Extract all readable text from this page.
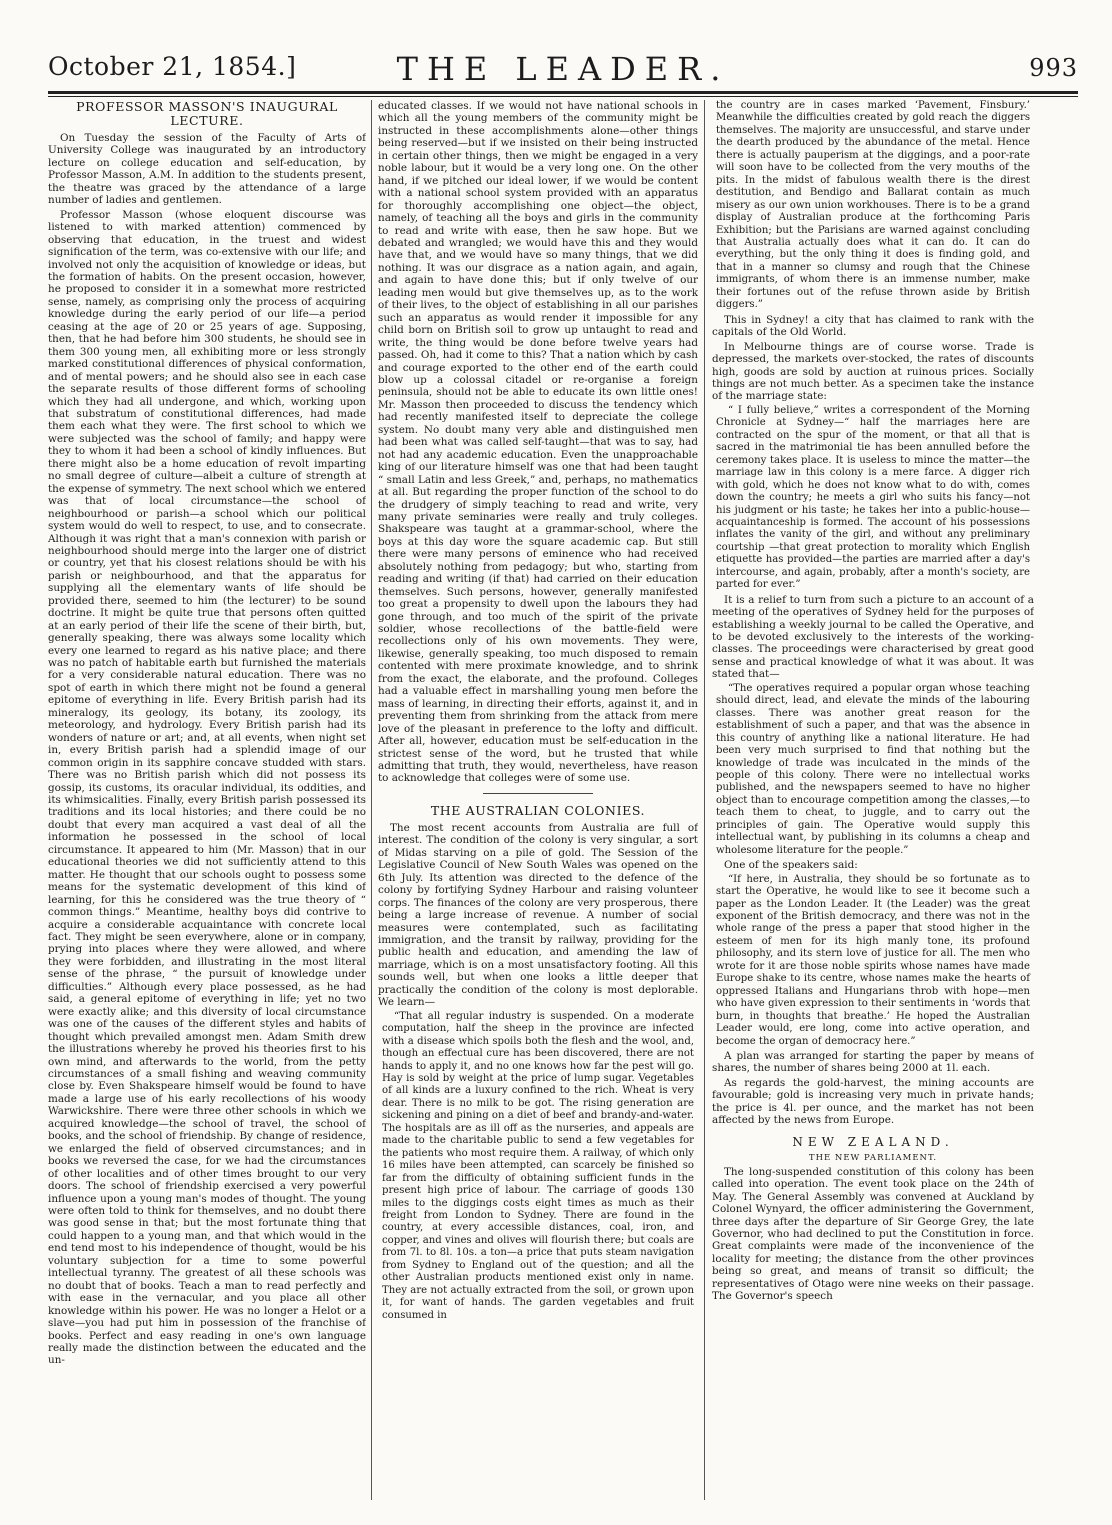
October 21, 1854.]	THE LEADER.	993
PROFESSOR MASSON'S INAUGURAL LECTURE.

On Tuesday the session of the Faculty of Arts of University College was inaugurated by an introductory lecture on college education and self-education, by Professor Masson, A.M. In addition to the students present, the theatre was graced by the attendance of a large number of ladies and gentlemen.

Professor Masson (whose eloquent discourse was listened to with marked attention) commenced by observing that education, in the truest and widest signification of the term, was co-extensive with our life; and involved not only the acquisition of knowledge or ideas, but the formation of habits. On the present occasion, however, he proposed to consider it in a somewhat more restricted sense, namely, as comprising only the process of acquiring knowledge during the early period of our life—a period ceasing at the age of 20 or 25 years of age. Supposing, then, that he had before him 300 students, he should see in them 300 young men, all exhibiting more or less strongly marked constitutional differences of physical conformation, and of mental powers; and he should also see in each case the separate results of those different forms of schooling which they had all undergone, and which, working upon that substratum of constitutional differences, had made them each what they were. The first school to which we were subjected was the school of family; and happy were they to whom it had been a school of kindly influences. But there might also be a home education of revolt imparting no small degree of culture—albeit a culture of strength at the expense of symmetry. The next school which we entered was that of local circumstance—the school of neighbourhood or parish—a school which our political system would do well to respect, to use, and to consecrate. Although it was right that a man's connexion with parish or neighbourhood should merge into the larger one of district or country, yet that his closest relations should be with his parish or neighbourhood, and that the apparatus for supplying all the elementary wants of life should be provided there, seemed to him (the lecturer) to be sound doctrine. It might be quite true that persons often quitted at an early period of their life the scene of their birth, but, generally speaking, there was always some locality which every one learned to regard as his native place; and there was no patch of habitable earth but furnished the materials for a very considerable natural education. There was no spot of earth in which there might not be found a general epitome of everything in life. Every British parish had its mineralogy, its geology, its botany, its zoology, its meteorology, and hydrology. Every British parish had its wonders of nature or art; and, at all events, when night set in, every British parish had a splendid image of our common origin in its sapphire concave studded with stars. There was no British parish which did not possess its gossip, its customs, its oracular individual, its oddities, and its whimsicalities. Finally, every British parish possessed its traditions and its local histories; and there could be no doubt that every man acquired a vast deal of all the information he possessed in the school of local circumstance. It appeared to him (Mr. Masson) that in our educational theories we did not sufficiently attend to this matter. He thought that our schools ought to possess some means for the systematic development of this kind of learning, for this he considered was the true theory of “ common things.” Meantime, healthy boys did contrive to acquire a considerable acquaintance with concrete local fact. They might be seen everywhere, alone or in company, prying into places where they were allowed, and where they were forbidden, and illustrating in the most literal sense of the phrase, “ the pursuit of knowledge under difficulties.” Although every place possessed, as he had said, a general epitome of everything in life; yet no two were exactly alike; and this diversity of local circumstance was one of the causes of the different styles and habits of thought which prevailed amongst men. Adam Smith drew the illustrations whereby he proved his theories first to his own mind, and afterwards to the world, from the petty circumstances of a small fishing and weaving community close by. Even Shakspeare himself would be found to have made a large use of his early recollections of his woody Warwickshire. There were three other schools in which we acquired knowledge—the school of travel, the school of books, and the school of friendship. By change of residence, we enlarged the field of observed circumstances; and in books we reversed the case, for we had the circumstances of other localities and of other times brought to our very doors. The school of friendship exercised a very powerful influence upon a young man's modes of thought. The young were often told to think for themselves, and no doubt there was good sense in that; but the most fortunate thing that could happen to a young man, and that which would in the end tend most to his independence of thought, would be his voluntary subjection for a time to some powerful intellectual tyranny. The greatest of all these schools was no doubt that of books. Teach a man to read perfectly and with ease in the vernacular, and you place all other knowledge within his power. He was no longer a Helot or a slave—you had put him in possession of the franchise of books. Perfect and easy reading in one's own language really made the distinction between the educated and the un-

educated classes. If we would not have national schools in which all the young members of the community might be instructed in these accomplishments alone—other things being reserved—but if we insisted on their being instructed in certain other things, then we might be engaged in a very noble labour, but it would be a very long one. On the other hand, if we pitched our ideal lower, if we would be content with a national school system provided with an apparatus for thoroughly accomplishing one object—the object, namely, of teaching all the boys and girls in the community to read and write with ease, then he saw hope. But we debated and wrangled; we would have this and they would have that, and we would have so many things, that we did nothing. It was our disgrace as a nation again, and again, and again to have done this; but if only twelve of our leading men would but give themselves up, as to the work of their lives, to the object of establishing in all our parishes such an apparatus as would render it impossible for any child born on British soil to grow up untaught to read and write, the thing would be done before twelve years had passed. Oh, had it come to this? That a nation which by cash and courage exported to the other end of the earth could blow up a colossal citadel or re-organise a foreign peninsula, should not be able to educate its own little ones! Mr. Masson then proceeded to discuss the tendency which had recently manifested itself to depreciate the college system. No doubt many very able and distinguished men had been what was called self-taught—that was to say, had not had any academic education. Even the unapproachable king of our literature himself was one that had been taught “ small Latin and less Greek,” and, perhaps, no mathematics at all. But regarding the proper function of the school to do the drudgery of simply teaching to read and write, very many private seminaries were really and truly colleges. Shakspeare was taught at a grammar-school, where the boys at this day wore the square academic cap. But still there were many persons of eminence who had received absolutely nothing from pedagogy; but who, starting from reading and writing (if that) had carried on their education themselves. Such persons, however, generally manifested too great a propensity to dwell upon the labours they had gone through, and too much of the spirit of the private soldier, whose recollections of the battle-field were recollections only of his own movements. They were, likewise, generally speaking, too much disposed to remain contented with mere proximate knowledge, and to shrink from the exact, the elaborate, and the profound. Colleges had a valuable effect in marshalling young men before the mass of learning, in directing their efforts, against it, and in preventing them from shrinking from the attack from mere love of the pleasant in preference to the lofty and difficult. After all, however, education must be self-education in the strictest sense of the word, but he trusted that while admitting that truth, they would, nevertheless, have reason to acknowledge that colleges were of some use.

THE AUSTRALIAN COLONIES.

The most recent accounts from Australia are full of interest. The condition of the colony is very singular, a sort of Midas starving on a pile of gold. The Session of the Legislative Council of New South Wales was opened on the 6th July. Its attention was directed to the defence of the colony by fortifying Sydney Harbour and raising volunteer corps. The finances of the colony are very prosperous, there being a large increase of revenue. A number of social measures were contemplated, such as facilitating immigration, and the transit by railway, providing for the public health and education, and amending the law of marriage, which is on a most unsatisfactory footing. All this sounds well, but when one looks a little deeper that practically the condition of the colony is most deplorable. We learn—

“That all regular industry is suspended. On a moderate computation, half the sheep in the province are infected with a disease which spoils both the flesh and the wool, and, though an effectual cure has been discovered, there are not hands to apply it, and no one knows how far the pest will go. Hay is sold by weight at the price of lump sugar. Vegetables of all kinds are a luxury confined to the rich. Wheat is very dear. There is no milk to be got. The rising generation are sickening and pining on a diet of beef and brandy-and-water. The hospitals are as ill off as the nurseries, and appeals are made to the charitable public to send a few vegetables for the patients who most require them. A railway, of which only 16 miles have been attempted, can scarcely be finished so far from the difficulty of obtaining sufficient funds in the present high price of labour. The carriage of goods 130 miles to the diggings costs eight times as much as their freight from London to Sydney. There are found in the country, at every accessible distances, coal, iron, and copper, and vines and olives will flourish there; but coals are from 7l. to 8l. 10s. a ton—a price that puts steam navigation from Sydney to England out of the question; and all the other Australian products mentioned exist only in name. They are not actually extracted from the soil, or grown upon it, for want of hands. The garden vegetables and fruit consumed in

the country are in cases marked ‘Pavement, Finsbury.’ Meanwhile the difficulties created by gold reach the diggers themselves. The majority are unsuccessful, and starve under the dearth produced by the abundance of the metal. Hence there is actually pauperism at the diggings, and a poor-rate will soon have to be collected from the very mouths of the pits. In the midst of fabulous wealth there is the direst destitution, and Bendigo and Ballarat contain as much misery as our own union workhouses. There is to be a grand display of Australian produce at the forthcoming Paris Exhibition; but the Parisians are warned against concluding that Australia actually does what it can do. It can do everything, but the only thing it does is finding gold, and that in a manner so clumsy and rough that the Chinese immigrants, of whom there is an immense number, make their fortunes out of the refuse thrown aside by British diggers.”

This in Sydney! a city that has claimed to rank with the capitals of the Old World.

In Melbourne things are of course worse. Trade is depressed, the markets over-stocked, the rates of discounts high, goods are sold by auction at ruinous prices. Socially things are not much better. As a specimen take the instance of the marriage state:

“ I fully believe,” writes a correspondent of the Morning Chronicle at Sydney—“ half the marriages here are contracted on the spur of the moment, or that all that is sacred in the matrimonial tie has been annulled before the ceremony takes place. It is useless to mince the matter—the marriage law in this colony is a mere farce. A digger rich with gold, which he does not know what to do with, comes down the country; he meets a girl who suits his fancy—not his judgment or his taste; he takes her into a public-house—acquaintanceship is formed. The account of his possessions inflates the vanity of the girl, and without any preliminary courtship —that great protection to morality which English etiquette has provided—the parties are married after a day's intercourse, and again, probably, after a month's society, are parted for ever.”

It is a relief to turn from such a picture to an account of a meeting of the operatives of Sydney held for the purposes of establishing a weekly journal to be called the Operative, and to be devoted exclusively to the interests of the working-classes. The proceedings were characterised by great good sense and practical knowledge of what it was about. It was stated that—

“The operatives required a popular organ whose teaching should direct, lead, and elevate the minds of the labouring classes. There was another great reason for the establishment of such a paper, and that was the absence in this country of anything like a national literature. He had been very much surprised to find that nothing but the knowledge of trade was inculcated in the minds of the people of this colony. There were no intellectual works published, and the newspapers seemed to have no higher object than to encourage competition among the classes,—to teach them to cheat, to juggle, and to carry out the principles of gain. The Operative would supply this intellectual want, by publishing in its columns a cheap and wholesome literature for the people.”

One of the speakers said:

“If here, in Australia, they should be so fortunate as to start the Operative, he would like to see it become such a paper as the London Leader. It (the Leader) was the great exponent of the British democracy, and there was not in the whole range of the press a paper that stood higher in the esteem of men for its high manly tone, its profound philosophy, and its stern love of justice for all. The men who wrote for it are those noble spirits whose names have made Europe shake to its centre, whose names make the hearts of oppressed Italians and Hungarians throb with hope—men who have given expression to their sentiments in ‘words that burn, in thoughts that breathe.’ He hoped the Australian Leader would, ere long, come into active operation, and become the organ of democracy here.”

A plan was arranged for starting the paper by means of shares, the number of shares being 2000 at 1l. each.

As regards the gold-harvest, the mining accounts are favourable; gold is increasing very much in private hands; the price is 4l. per ounce, and the market has not been affected by the news from Europe.

NEW ZEALAND.
THE NEW PARLIAMENT.

The long-suspended constitution of this colony has been called into operation. The event took place on the 24th of May. The General Assembly was convened at Auckland by Colonel Wynyard, the officer administering the Government, three days after the departure of Sir George Grey, the late Governor, who had declined to put the Constitution in force. Great complaints were made of the inconvenience of the locality for meeting; the distance from the other provinces being so great, and means of transit so difficult; the representatives of Otago were nine weeks on their passage. The Governor's speech
